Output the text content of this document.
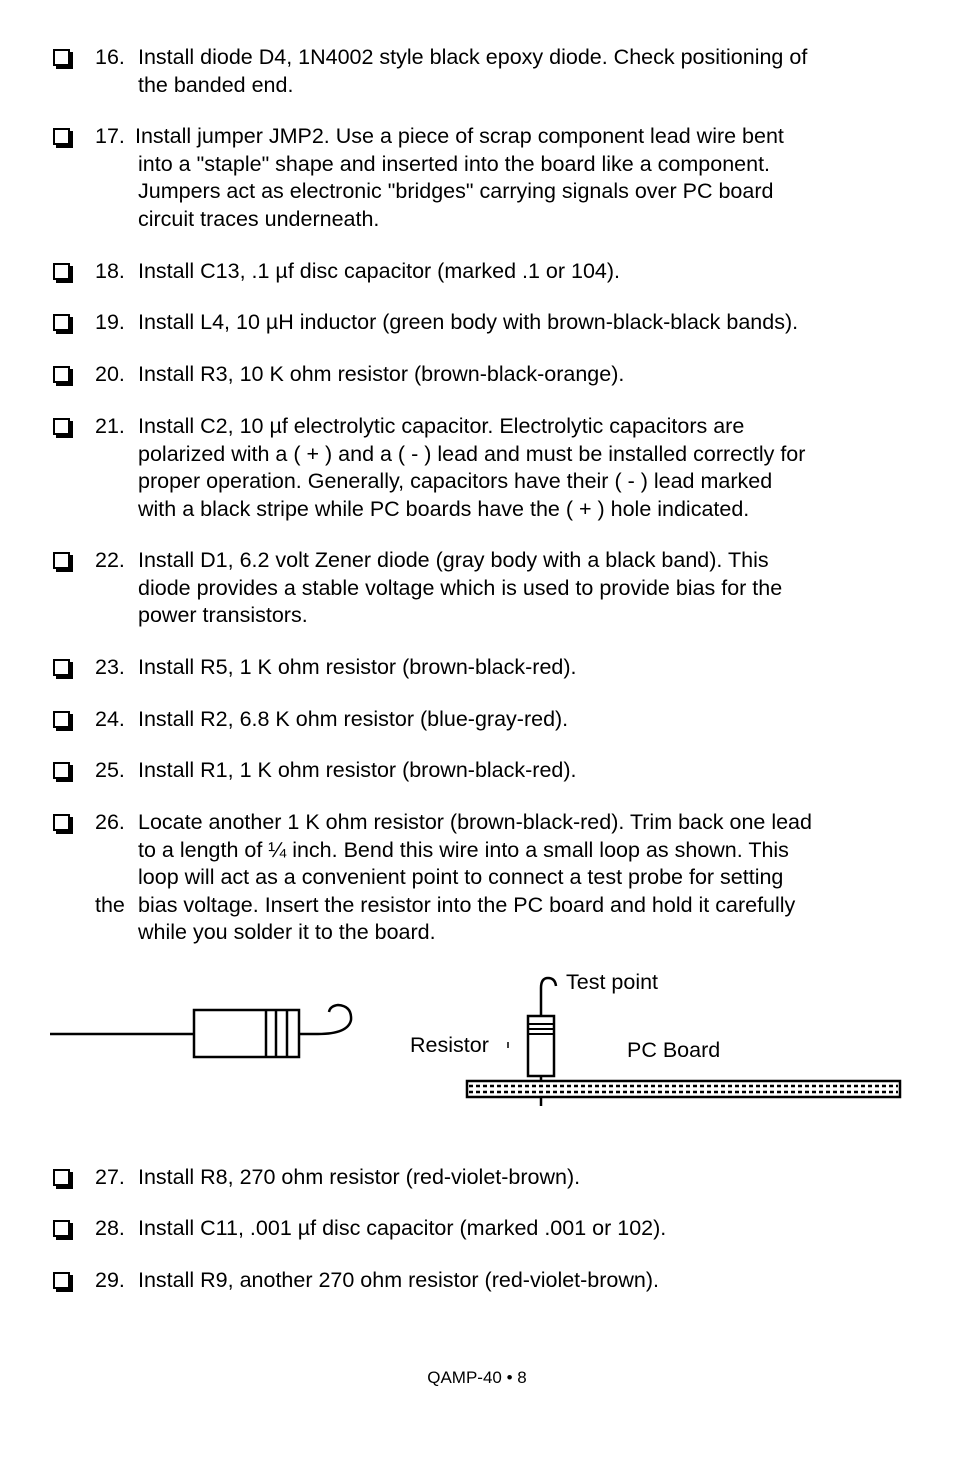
16. Install diode D4, 1N4002 style black epoxy diode. Check positioning of
the banded end.
17. Install jumper JMP2. Use a piece of scrap component lead wire bent
into a "staple" shape and inserted into the board like a component.
Jumpers act as electronic "bridges" carrying signals over PC board
circuit traces underneath.
18. Install C13, .1 µf disc capacitor (marked .1 or 104).
19. Install L4, 10 µH inductor (green body with brown-black-black bands).
20. Install R3, 10 K ohm resistor (brown-black-orange).
21. Install C2, 10 µf electrolytic capacitor. Electrolytic capacitors are
polarized with a ( + ) and a ( - ) lead and must be installed correctly for
proper operation. Generally, capacitors have their ( - ) lead marked
with a black stripe while PC boards have the ( + ) hole indicated.
22. Install D1, 6.2 volt Zener diode (gray body with a black band). This
diode provides a stable voltage which is used to provide bias for the
power transistors.
23. Install R5, 1 K ohm resistor (brown-black-red).
24. Install R2, 6.8 K ohm resistor (blue-gray-red).
25. Install R1, 1 K ohm resistor (brown-black-red).
26.
the
Locate another 1 K ohm resistor (brown-black-red). Trim back one lead
to a length of ¼ inch. Bend this wire into a small loop as shown. This
loop will act as a convenient point to connect a test probe for setting
bias voltage. Insert the resistor into the PC board and hold it carefully
while you solder it to the board.
Test point
Resistor	PC Board
27. Install R8, 270 ohm resistor (red-violet-brown).
28. Install C11, .001 µf disc capacitor (marked .001 or 102).
29. Install R9, another 270 ohm resistor (red-violet-brown).
QAMP-40 • 8
